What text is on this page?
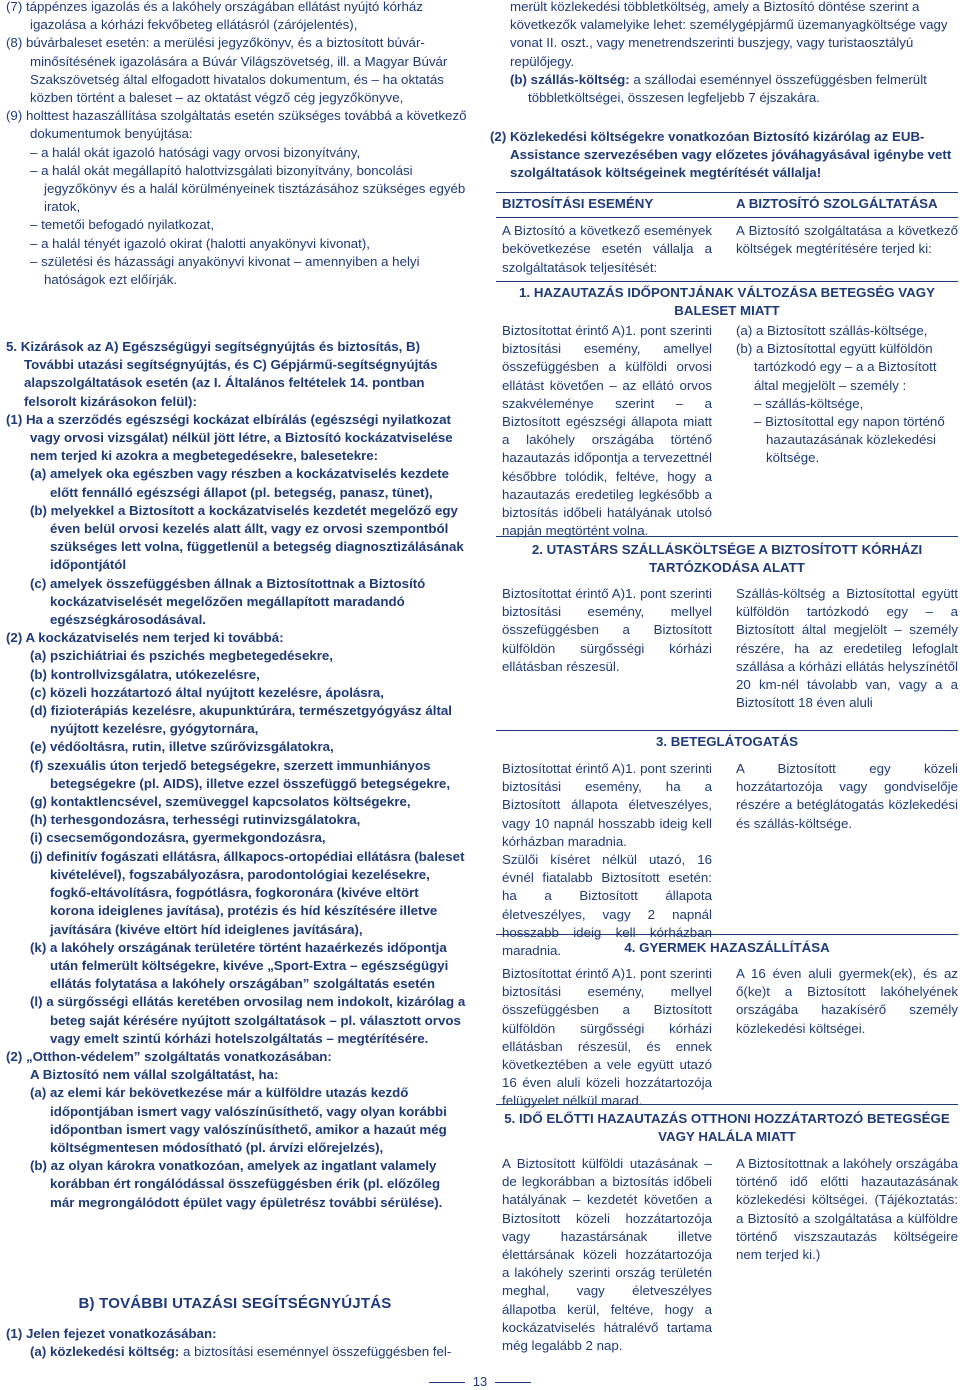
(7) táppénzes igazolás és a lakóhely országában ellátást nyújtó kórház igazolása a kórházi fekvőbeteg ellátásról (zárójelentés),

(8) búvárbaleset esetén: a merülési jegyzőkönyv, és a biztosított búvár-minősítésének igazolására a Búvár Világszövetség, ill. a Magyar Búvár Szakszövetség által elfogadott hivatalos dokumentum, és – ha oktatás közben történt a baleset – az oktatást végző cég jegyzőkönyve,

(9) holttest hazaszállítása szolgáltatás esetén szükséges továbbá a következő dokumentumok benyújtása:

– a halál okát igazoló hatósági vagy orvosi bizonyítvány,

– a halál okát megállapító halottvizsgálati bizonyítvány, boncolási jegyzőkönyv és a halál körülményeinek tisztázásához szükséges egyéb iratok,

– temetői befogadó nyilatkozat,

– a halál tényét igazoló okirat (halotti anyakönyvi kivonat),

– születési és házassági anyakönyvi kivonat – amennyiben a helyi hatóságok ezt előírják.

5. Kizárások az A) Egészségügyi segítségnyújtás és biztosítás, B) További utazási segítségnyújtás, és C) Gépjármű-segítségnyújtás alapszolgáltatások esetén (az I. Általános feltételek 14. pontban felsorolt kizárásokon felül):

(1) Ha a szerződés egészségi kockázat elbírálás (egészségi nyilatkozat vagy orvosi vizsgálat) nélkül jött létre, a Biztosító kockázatviselése nem terjed ki azokra a megbetegedésekre, balesetekre:

(a) amelyek oka egészben vagy részben a kockázatviselés kezdete előtt fennálló egészségi állapot (pl. betegség, panasz, tünet),

(b) melyekkel a Biztosított a kockázatviselés kezdetét megelőző egy éven belül orvosi kezelés alatt állt, vagy ez orvosi szempontból szükséges lett volna, függetlenül a betegség diagnosztizálásának időpontjától

(c) amelyek összefüggésben állnak a Biztosítottnak a Biztosító kockázatviselését megelőzően megállapított maradandó egészségkárosodásával.

(2) A kockázatviselés nem terjed ki továbbá:

(a) pszichiátriai és pszichés megbetegedésekre,

(b) kontrollvizsgálatra, utókezelésre,

(c) közeli hozzátartozó által nyújtott kezelésre, ápolásra,

(d) fizioterápiás kezelésre, akupunktúrára, természetgyógyász által nyújtott kezelésre, gyógytornára,

(e) védőoltásra, rutin, illetve szűrővizsgálatokra,

(f) szexuális úton terjedő betegségekre, szerzett immunhiányos betegségekre (pl. AIDS), illetve ezzel összefüggő betegségekre,

(g) kontaktlencsével, szemüveggel kapcsolatos költségekre,

(h) terhesgondozásra, terhességi rutinvizsgálatokra,

(i) csecsemőgondozásra, gyermekgondozásra,

(j) definitív fogászati ellátásra, állkapocs-ortopédiai ellátásra (baleset kivételével), fogszabályozásra, parodontológiai kezelésekre, fogkő-eltávolításra, fogpótlásra, fogkoronára (kivéve eltört korona ideiglenes javítása), protézis és híd készítésére illetve javítására (kivéve eltört híd ideiglenes javítására),

(k) a lakóhely országának területére történt hazaérkezés időpontja után felmerült költségekre, kivéve „Sport-Extra – egészségügyi ellátás folytatása a lakóhely országában” szolgáltatás esetén

(l) a sürgősségi ellátás keretében orvosilag nem indokolt, kizárólag a beteg saját kérésére nyújtott szolgáltatások – pl. választott orvos vagy emelt szintű kórházi hotelszolgáltatás – megtérítésére.

(2) „Otthon-védelem” szolgáltatás vonatkozásában:

A Biztosító nem vállal szolgáltatást, ha:

(a) az elemi kár bekövetkezése már a külföldre utazás kezdő időpontjában ismert vagy valószínűsíthető, vagy olyan korábbi időpontban ismert vagy valószínűsíthető, amikor a hazaút még költségmentesen módosítható (pl. árvízi előrejelzés),

(b) az olyan károkra vonatkozóan, amelyek az ingatlant valamely korábban ért rongálódással összefüggésben érik (pl. előzőleg már megrongálódott épület vagy épületrész további sérülése).

B) TOVÁBBI UTAZÁSI SEGÍTSÉGNYÚJTÁS

(1) Jelen fejezet vonatkozásában:

(a) közlekedési költség: a biztosítási eseménnyel összefüggésben fel-

merült közlekedési többletköltség, amely a Biztosító döntése szerint a következők valamelyike lehet: személygépjármű üzemanyagköltsége vagy vonat II. oszt., vagy menetrendszerinti buszjegy, vagy turistaosztályú repülőjegy.

(b) szállás-költség: a szállodai eseménnyel összefüggésben felmerült többletköltségei, összesen legfeljebb 7 éjszakára.

(2) Közlekedési költségekre vonatkozóan Biztosító kizárólag az EUB-Assistance szervezésében vagy előzetes jóváhagyásával igénybe vett szolgáltatások költségeinek megtérítését vállalja!

BIZTOSÍTÁSI ESEMÉNY	A BIZTOSÍTÓ SZOLGÁLTATÁSA
A Biztosító a következő események bekövetkezése esetén vállalja a szolgáltatások teljesítését:
A Biztosító szolgáltatása a következő költségek megtérítésére terjed ki:
1. HAZAUTAZÁS IDŐPONTJÁNAK VÁLTOZÁSA BETEGSÉG VAGY BALESET MIATT
Biztosítottat érintő A)1. pont szerinti biztosítási esemény, amellyel összefüggésben a külföldi orvosi ellátást követően – az ellátó orvos szakvéleménye szerint – a Biztosított egészségi állapota miatt a lakóhely országába történő hazautazás időpontja a tervezettnél későbbre tolódik, feltéve, hogy a hazautazás eredetileg legkésőbb a biztosítás időbeli hatályának utolsó napján megtörtént volna.

(a) a Biztosított szállás-költsége,

(b) a Biztosítottal együtt külföldön tartózkodó egy – a a Biztosított által megjelölt – személy :

– szállás-költsége,

– Biztosítottal egy napon történő hazautazásának közlekedési költsége.

2. UTASTÁRS SZÁLLÁSKÖLTSÉGE A BIZTOSÍTOTT KÓRHÁZI TARTÓZKODÁSA ALATT
Biztosítottat érintő A)1. pont szerinti biztosítási esemény, mellyel összefüggésben a Biztosított külföldön sürgősségi kórházi ellátásban részesül.
Szállás-költség a Biztosítottal együtt külföldön tartózkodó egy – a Biztosított által megjelölt – személy részére, ha az eredetileg lefoglalt szállása a kórházi ellátás helyszínétől 20 km-nél távolabb van, vagy a a Biztosított 18 éven aluli
3. BETEGLÁTOGATÁS

Biztosítottat érintő A)1. pont szerinti biztosítási esemény, ha a Biztosított állapota életveszélyes, vagy 10 napnál hosszabb ideig kell kórházban maradnia.

Szülői kíséret nélkül utazó, 16 évnél fiatalabb Biztosított esetén: ha a Biztosított állapota életveszélyes, vagy 2 napnál hosszabb ideig kell kórházban maradnia.

A Biztosított egy közeli hozzátartozója vagy gondviselője részére a betéglátogatás közlekedési és szállás-költsége.
4. GYERMEK HAZASZÁLLÍTÁSA
Biztosítottat érintő A)1. pont szerinti biztosítási esemény, mellyel összefüggésben a Biztosított külföldön sürgősségi kórházi ellátásban részesül, és ennek következtében a vele együtt utazó 16 éven aluli közeli hozzátartozója felügyelet nélkül marad.
A 16 éven aluli gyermek(ek), és az ő(ke)t a Biztosított lakóhelyének országába hazakísérő személy közlekedési költségei.
5. IDŐ ELŐTTI HAZAUTAZÁS OTTHONI HOZZÁTARTOZÓ BETEGSÉGE VAGY HALÁLA MIATT
A Biztosított külföldi utazásának – de legkorábban a biztosítás időbeli hatályának – kezdetét követően a Biztosított közeli hozzátartozója vagy hazastársának illetve élettársának közeli hozzátartozója a lakóhely szerinti ország területén meghal, vagy életveszélyes állapotba kerül, feltéve, hogy a kockázatviselés hátralévő tartama még legalább 2 nap.
A Biztosítottnak a lakóhely országába történő idő előtti hazautazásának közlekedési költségei. (Tájékoztatás: a Biztosító a szolgáltatása a külföldre történő viszszautazás költségeire nem terjed ki.)
13
